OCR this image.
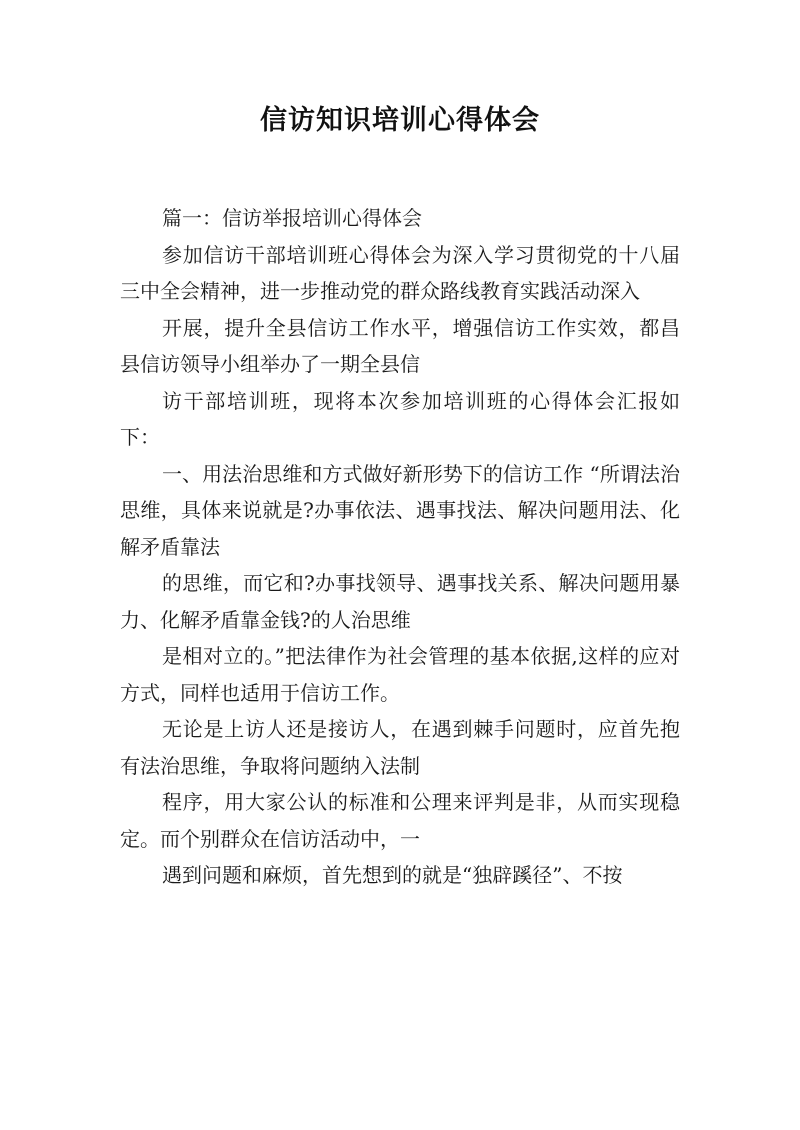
信访知识培训心得体会

篇一：信访举报培训心得体会

参加信访干部培训班心得体会为深入学习贯彻党的十八届三中全会精神，进一步推动党的群众路线教育实践活动深入

开展，提升全县信访工作水平，增强信访工作实效，都昌县信访领导小组举办了一期全县信

访干部培训班，现将本次参加培训班的心得体会汇报如下：

一、用法治思维和方式做好新形势下的信访工作 “所谓法治思维，具体来说就是?办事依法、遇事找法、解决问题用法、化解矛盾靠法

的思维，而它和?办事找领导、遇事找关系、解决问题用暴力、化解矛盾靠金钱?的人治思维

是相对立的。”把法律作为社会管理的基本依据,这样的应对方式，同样也适用于信访工作。

无论是上访人还是接访人，在遇到棘手问题时，应首先抱有法治思维，争取将问题纳入法制

程序，用大家公认的标准和公理来评判是非，从而实现稳定。而个别群众在信访活动中，一

遇到问题和麻烦，首先想到的就是“独辟蹊径”、不按
